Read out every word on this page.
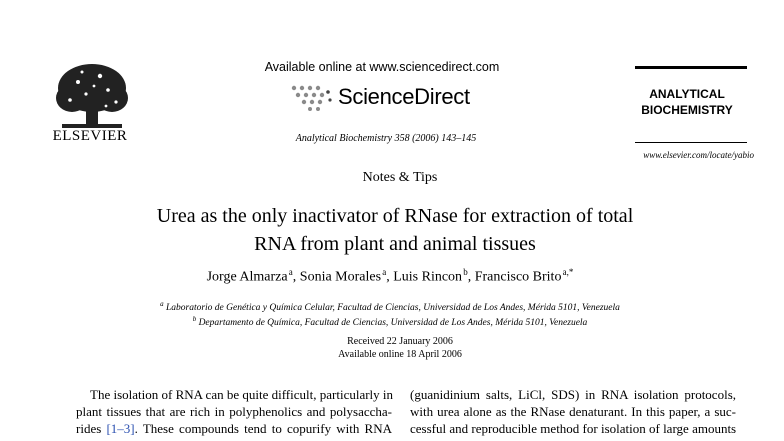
ELSEVIER
Available online at www.sciencedirect.com
ScienceDirect
Analytical Biochemistry 358 (2006) 143–145
ANALYTICAL
BIOCHEMISTRY
www.elsevier.com/locate/yabio
Notes & Tips
Urea as the only inactivator of RNase for extraction of total
RNA from plant and animal tissues
Jorge Almarza $^a$, Sonia Morales $^a$, Luis Rincon $^b$, Francisco Brito $^{a,*}$
$^a$ Laboratorio de Genética y Química Celular, Facultad de Ciencias, Universidad de Los Andes, Mérida 5101, Venezuela
$^b$ Departamento de Química, Facultad de Ciencias, Universidad de Los Andes, Mérida 5101, Venezuela
Received 22 January 2006
Available online 18 April 2006
The isolation of RNA can be quite difficult, particularly in
plant tissues that are rich in polyphenolics and polysaccha-
rides [1–3]. These compounds tend to copurify with RNA
(guanidinium salts, LiCl, SDS) in RNA isolation protocols,
with urea alone as the RNase denaturant. In this paper, a suc-
cessful and reproducible method for isolation of large amounts
